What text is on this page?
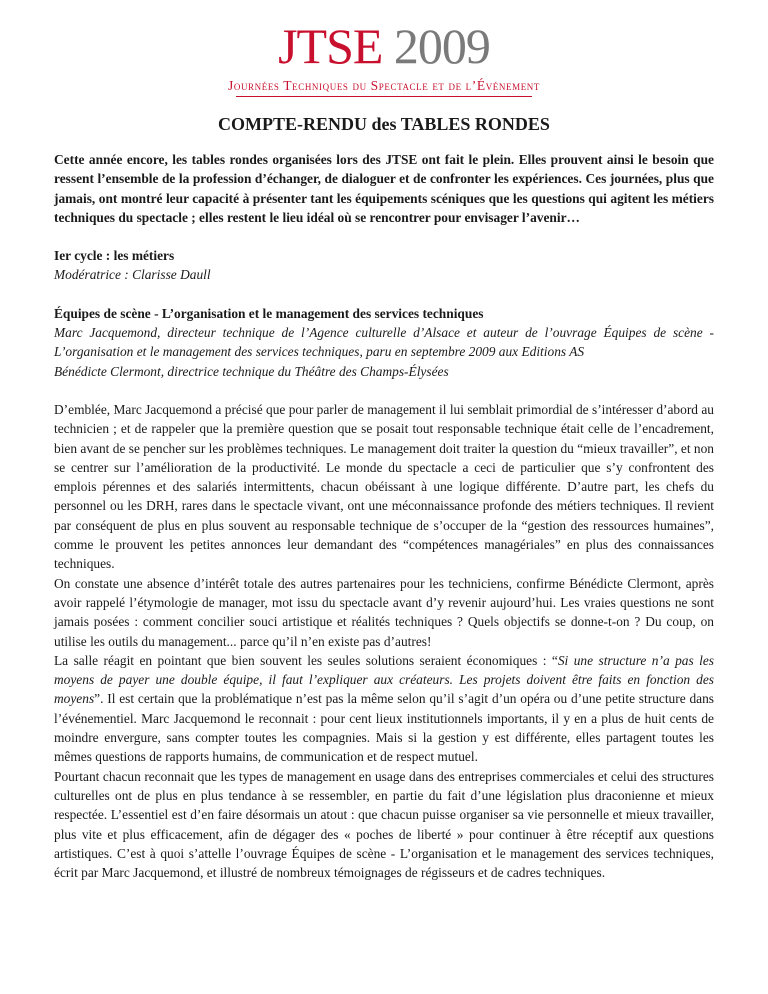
JTSE 2009
Journées Techniques du Spectacle et de l’Événement
COMPTE-RENDU des TABLES RONDES

Cette année encore, les tables rondes organisées lors des JTSE ont fait le plein. Elles prouvent ainsi le besoin que ressent l’ensemble de la profession d’échanger, de dialoguer et de confronter les expériences. Ces journées, plus que jamais, ont montré leur capacité à présenter tant les équipements scéniques que les questions qui agitent les métiers techniques du spectacle ; elles restent le lieu idéal où se rencontrer pour envisager l’avenir…

Ier cycle : les métiers

Modératrice : Clarisse Daull

Équipes de scène - L’organisation et le management des services techniques

Marc Jacquemond, directeur technique de l’Agence culturelle d’Alsace et auteur de l’ouvrage Équipes de scène - L’organisation et le management des services techniques, paru en septembre 2009 aux Editions AS

Bénédicte Clermont, directrice technique du Théâtre des Champs-Élysées

D’emblée, Marc Jacquemond a précisé que pour parler de management il lui semblait primordial de s’intéresser d’abord au technicien ; et de rappeler que la première question que se posait tout responsable technique était celle de l’encadrement, bien avant de se pencher sur les problèmes techniques. Le management doit traiter la question du “mieux travailler”, et non se centrer sur l’amélioration de la productivité. Le monde du spectacle a ceci de particulier que s’y confrontent des emplois pérennes et des salariés intermittents, chacun obéissant à une logique différente. D’autre part, les chefs du personnel ou les DRH, rares dans le spectacle vivant, ont une méconnaissance profonde des métiers techniques. Il revient par conséquent de plus en plus souvent au responsable technique de s’occuper de la “gestion des ressources humaines”, comme le prouvent les petites annonces leur demandant des “compétences managériales” en plus des connaissances techniques.

On constate une absence d’intérêt totale des autres partenaires pour les techniciens, confirme Bénédicte Clermont, après avoir rappelé l’étymologie de manager, mot issu du spectacle avant d’y revenir aujourd’hui. Les vraies questions ne sont jamais posées : comment concilier souci artistique et réalités techniques ? Quels objectifs se donne-t-on ? Du coup, on utilise les outils du management... parce qu’il n’en existe pas d’autres!

La salle réagit en pointant que bien souvent les seules solutions seraient économiques : “Si une structure n’a pas les moyens de payer une double équipe, il faut l’expliquer aux créateurs. Les projets doivent être faits en fonction des moyens”. Il est certain que la problématique n’est pas la même selon qu’il s’agit d’un opéra ou d’une petite structure dans l’événementiel. Marc Jacquemond le reconnait : pour cent lieux institutionnels importants, il y en a plus de huit cents de moindre envergure, sans compter toutes les compagnies. Mais si la gestion y est différente, elles partagent toutes les mêmes questions de rapports humains, de communication et de respect mutuel.

Pourtant chacun reconnait que les types de management en usage dans des entreprises commerciales et celui des structures culturelles ont de plus en plus tendance à se ressembler, en partie du fait d’une législation plus draconienne et mieux respectée. L’essentiel est d’en faire désormais un atout : que chacun puisse organiser sa vie personnelle et mieux travailler, plus vite et plus efficacement, afin de dégager des « poches de liberté » pour continuer à être réceptif aux questions artistiques. C’est à quoi s’attelle l’ouvrage Équipes de scène - L’organisation et le management des services techniques, écrit par Marc Jacquemond, et illustré de nombreux témoignages de régisseurs et de cadres techniques.
